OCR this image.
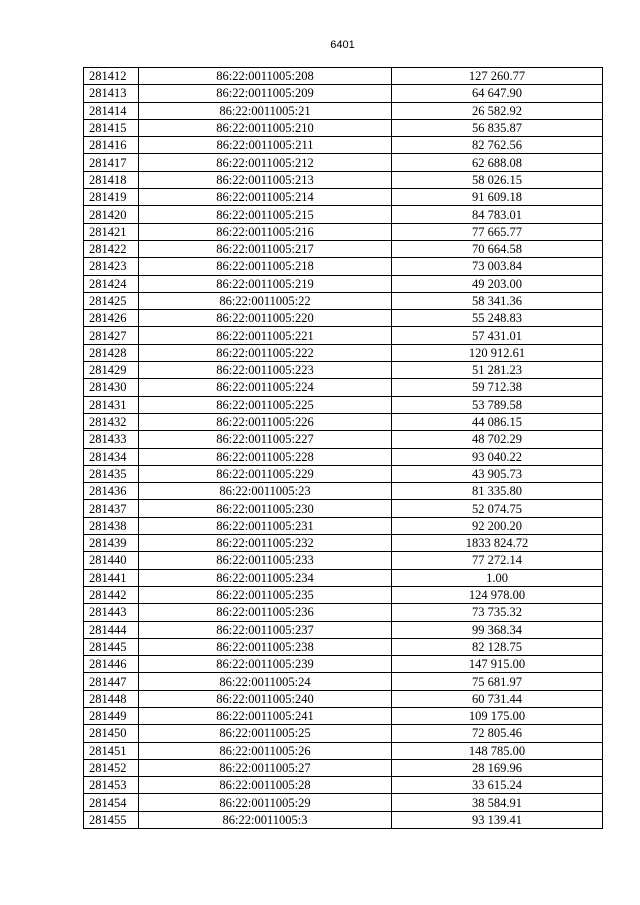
6401
281412	86:22:0011005:208	127 260.77
281413	86:22:0011005:209	64 647.90
281414	86:22:0011005:21	26 582.92
281415	86:22:0011005:210	56 835.87
281416	86:22:0011005:211	82 762.56
281417	86:22:0011005:212	62 688.08
281418	86:22:0011005:213	58 026.15
281419	86:22:0011005:214	91 609.18
281420	86:22:0011005:215	84 783.01
281421	86:22:0011005:216	77 665.77
281422	86:22:0011005:217	70 664.58
281423	86:22:0011005:218	73 003.84
281424	86:22:0011005:219	49 203.00
281425	86:22:0011005:22	58 341.36
281426	86:22:0011005:220	55 248.83
281427	86:22:0011005:221	57 431.01
281428	86:22:0011005:222	120 912.61
281429	86:22:0011005:223	51 281.23
281430	86:22:0011005:224	59 712.38
281431	86:22:0011005:225	53 789.58
281432	86:22:0011005:226	44 086.15
281433	86:22:0011005:227	48 702.29
281434	86:22:0011005:228	93 040.22
281435	86:22:0011005:229	43 905.73
281436	86:22:0011005:23	81 335.80
281437	86:22:0011005:230	52 074.75
281438	86:22:0011005:231	92 200.20
281439	86:22:0011005:232	1833 824.72
281440	86:22:0011005:233	77 272.14
281441	86:22:0011005:234	1.00
281442	86:22:0011005:235	124 978.00
281443	86:22:0011005:236	73 735.32
281444	86:22:0011005:237	99 368.34
281445	86:22:0011005:238	82 128.75
281446	86:22:0011005:239	147 915.00
281447	86:22:0011005:24	75 681.97
281448	86:22:0011005:240	60 731.44
281449	86:22:0011005:241	109 175.00
281450	86:22:0011005:25	72 805.46
281451	86:22:0011005:26	148 785.00
281452	86:22:0011005:27	28 169.96
281453	86:22:0011005:28	33 615.24
281454	86:22:0011005:29	38 584.91
281455	86:22:0011005:3	93 139.41
